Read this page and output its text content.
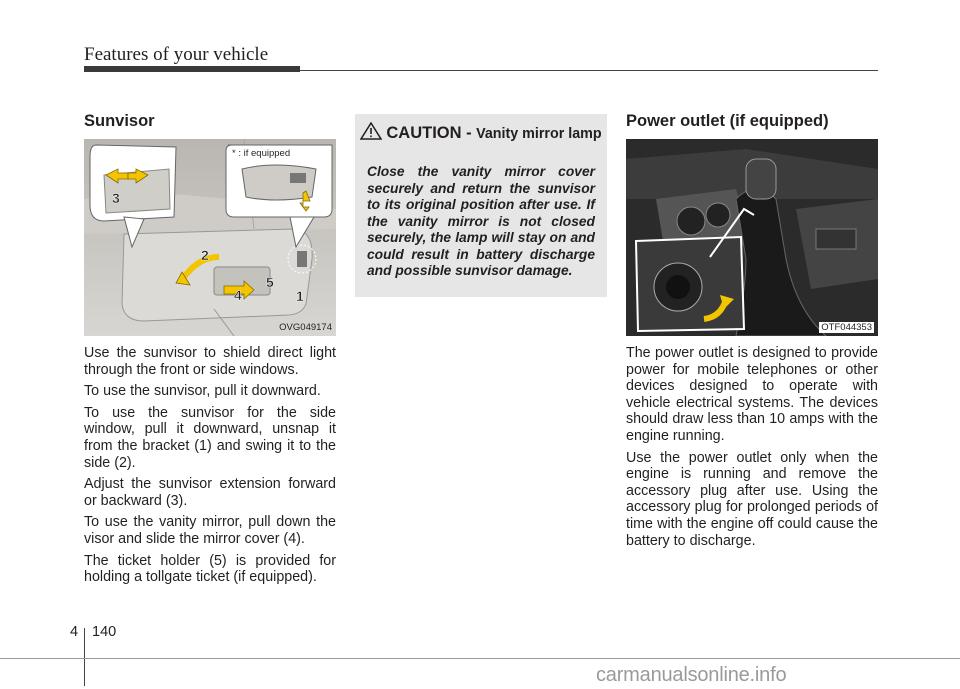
Features of your vehicle
Sunvisor
* : if equipped
3
2
5
4	1
OVG049174

Use the sunvisor to shield direct light through the front or side windows.

To use the sunvisor, pull it downward.

To use the sunvisor for the side window, pull it downward, unsnap it from the bracket (1) and swing it to the side (2).

Adjust the sunvisor extension forward or backward (3).

To use the vanity mirror, pull down the visor and slide the mirror cover (4).

The ticket holder (5) is provided for holding a tollgate ticket (if equipped).

CAUTION - Vanity mirror lamp
Close the vanity mirror cover securely and return the sunvisor to its original position after use. If the vanity mirror is not closed securely, the lamp will stay on and could result in battery discharge and possible sunvisor damage.
Power outlet (if equipped)
OTF044353

The power outlet is designed to provide power for mobile telephones or other devices designed to operate with vehicle electrical systems. The devices should draw less than 10 amps with the engine running.

Use the power outlet only when the engine is running and remove the accessory plug after use. Using the accessory plug for prolonged periods of time with the engine off could cause the battery to discharge.

4 140
carmanualsonline.info
